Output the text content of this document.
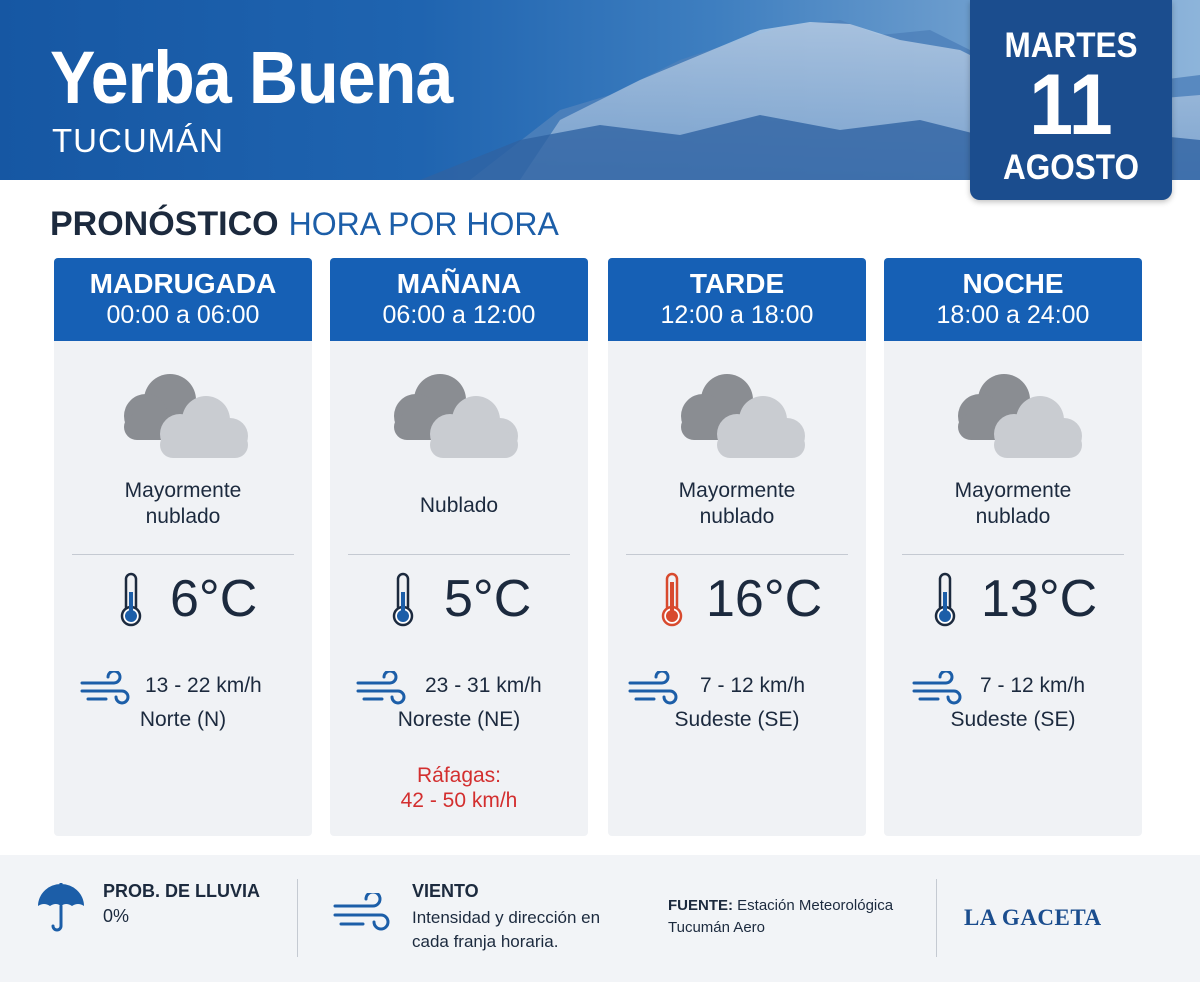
Yerba Buena
TUCUMÁN
MARTES
11
AGOSTO
PRONÓSTICO HORA POR HORA
MADRUGADA
00:00 a 06:00
Mayormente
nublado
6°C
13 - 22 km/h
Norte (N)
MAÑANA
06:00 a 12:00
Nublado
5°C
23 - 31 km/h
Noreste (NE)
Ráfagas:
42 - 50 km/h
TARDE
12:00 a 18:00
Mayormente
nublado
16°C
7 - 12 km/h
Sudeste (SE)
NOCHE
18:00 a 24:00
Mayormente
nublado
13°C
7 - 12 km/h
Sudeste (SE)
PROB. DE LLUVIA
0%
VIENTO
Intensidad y dirección en cada franja horaria.
FUENTE: Estación Meteorológica Tucumán Aero	LA GACETA
